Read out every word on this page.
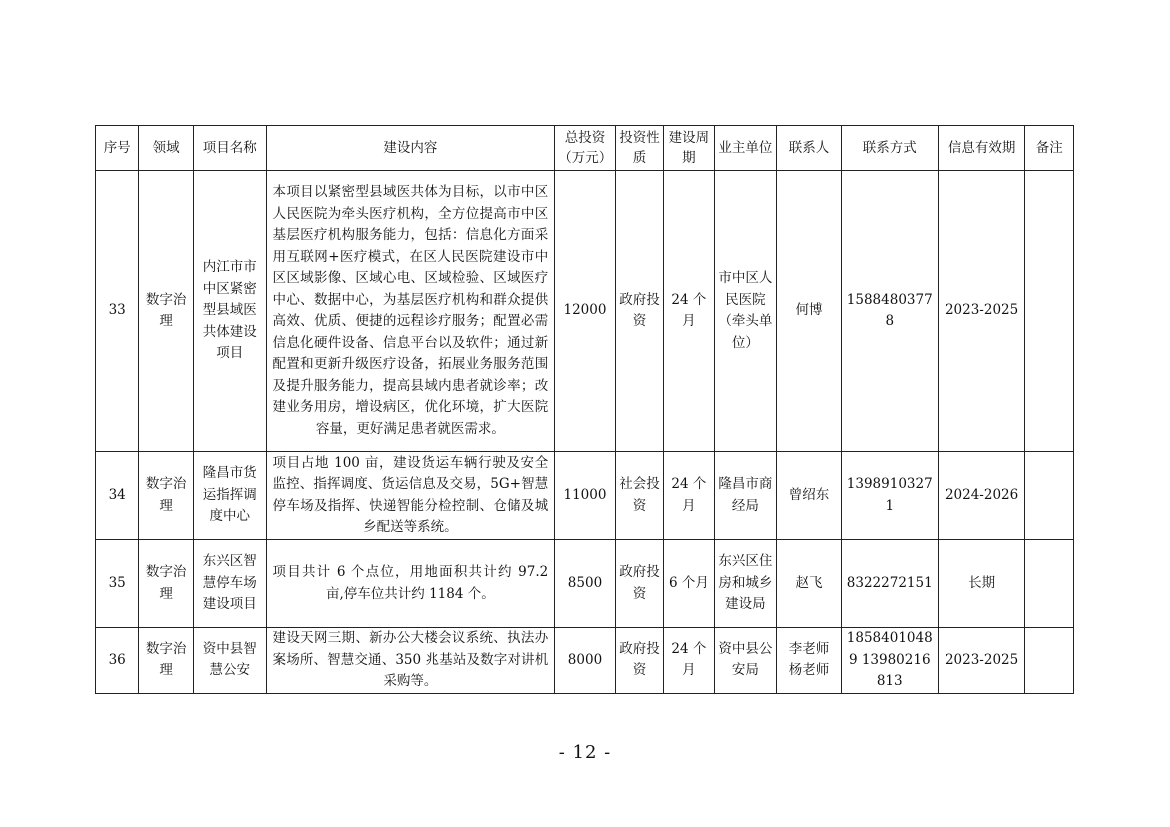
序号	领域	项目名称	建设内容	总投资（万元）	投资性质	建设周期	业主单位	联系人	联系方式	信息有效期	备注
33	数字治理	内江市市中区紧密型县域医共体建设项目	本项目以紧密型县域医共体为目标，以市中区人民医院为牵头医疗机构，全方位提高市中区基层医疗机构服务能力，包括：信息化方面采用互联网+医疗模式，在区人民医院建设市中区区域影像、区域心电、区域检验、区域医疗中心、数据中心，为基层医疗机构和群众提供高效、优质、便捷的远程诊疗服务；配置必需信息化硬件设备、信息平台以及软件；通过新配置和更新升级医疗设备，拓展业务服务范围及提升服务能力，提高县域内患者就诊率；改建业务用房，增设病区，优化环境，扩大医院容量，更好满足患者就医需求。	12000	政府投资	24 个月	市中区人民医院（牵头单位）	何博	15884803778	2023-2025	
34	数字治理	隆昌市货运指挥调度中心	项目占地 100 亩，建设货运车辆行驶及安全监控、指挥调度、货运信息及交易，5G+智慧停车场及指挥、快递智能分检控制、仓储及城乡配送等系统。	11000	社会投资	24 个月	隆昌市商经局	曾绍东	13989103271	2024-2026	
35	数字治理	东兴区智慧停车场建设项目	项目共计 6 个点位，用地面积共计约 97.2 亩,停车位共计约 1184 个。	8500	政府投资	6 个月	东兴区住房和城乡建设局	赵飞	8322272151	长期	
36	数字治理	资中县智慧公安	建设天网三期、新办公大楼会议系统、执法办案场所、智慧交通、350 兆基站及数字对讲机采购等。	8000	政府投资	24 个月	资中县公安局	李老师 杨老师	18584010489 13980216813	2023-2025	
- 12 -
